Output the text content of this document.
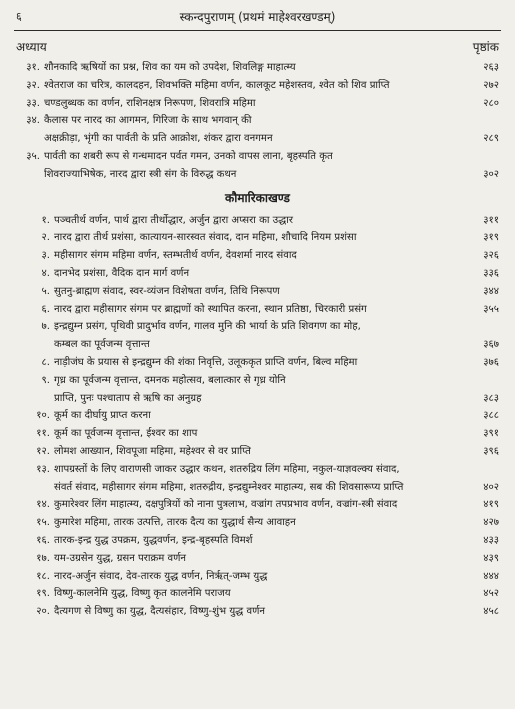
६	स्कन्दपुराणम् (प्रथमं माहेश्वरखण्डम्)
अध्याय	पृष्ठांक
३१. शौनकादि ऋषियों का प्रश्न, शिव का यम को उपदेश, शिवलिङ्ग माहात्म्य	२६३
३२. श्वेतराज का चरित्र, कालदहन, शिवभक्ति महिमा वर्णन, कालकूट महेशस्तव, श्वेत को शिव प्राप्ति	२७२
३३. चण्डलुब्धक का वर्णन, राशिनक्षत्र निरूपण, शिवरात्रि महिमा	२८०
३४. कैलास पर नारद का आगमन, गिरिजा के साथ भगवान् की
अक्षक्रीड़ा, भृंगी का पार्वती के प्रति आक्रोश, शंकर द्वारा वनगमन	२८९
३५. पार्वती का शबरी रूप से गन्धमादन पर्वत गमन, उनको वापस लाना, बृहस्पति कृत
शिवराज्याभिषेक, नारद द्वारा स्त्री संग के विरुद्ध कथन	३०२
कौमारिकाखण्ड
१. पञ्चतीर्थ वर्णन, पार्थ द्वारा तीर्थोद्धार, अर्जुन द्वारा अप्सरा का उद्धार	३११
२. नारद द्वारा तीर्थ प्रशंसा, कात्यायन-सारस्वत संवाद, दान महिमा, शौचादि नियम प्रशंसा	३१९
३. महीसागर संगम महिमा वर्णन, स्तम्भतीर्थ वर्णन, देवशर्मा नारद संवाद	३२६
४. दानभेद प्रशंसा, वैदिक दान मार्ग वर्णन	३३६
५. सुतनु-ब्राह्मण संवाद, स्वर-व्यंजन विशेषता वर्णन, तिथि निरूपण	३४४
६. नारद द्वारा महीसागर संगम पर ब्राह्मणों को स्थापित करना, स्थान प्रतिष्ठा, चिरकारी प्रसंग	३५५
७. इन्द्रद्युम्न प्रसंग, पृथिवी प्रादुर्भाव वर्णन, गालव मुनि की भार्या के प्रति शिवगण का मोह,
कम्बल का पूर्वजन्म वृत्तान्त	३६७
८. नाड़ीजंघ के प्रयास से इन्द्रद्युम्न की शंका निवृत्ति, उलूककृत प्राप्ति वर्णन, बिल्व महिमा	३७६
९. गृध्र का पूर्वजन्म वृत्तान्त, दमनक महोत्सव, बलात्कार से गृध्र योनि
प्राप्ति, पुनः पश्चाताप से ऋषि का अनुग्रह	३८३
१०. कूर्म का दीर्घायु प्राप्त करना	३८८
११. कूर्म का पूर्वजन्म वृत्तान्त, ईश्वर का शाप	३९१
१२. लोमश आख्यान, शिवपूजा महिमा, महेश्वर से वर प्राप्ति	३९६
१३. शापग्रस्तों के लिए वाराणसी जाकर उद्धार कथन, शतरुद्रिय लिंग महिमा, नकुल-याज्ञवल्क्य संवाद,
संवर्त संवाद, महीसागर संगम महिमा, शतरुद्रीय, इन्द्रद्युम्नेश्वर माहात्म्य, सब की शिवसारूप्य प्राप्ति	४०२
१४. कुमारेश्वर लिंग माहात्म्य, दक्षपुत्रियों को नाना पुत्रलाभ, वज्रांग तपप्रभाव वर्णन, वज्रांग-स्त्री संवाद	४१९
१५. कुमारेश महिमा, तारक उत्पत्ति, तारक दैत्य का युद्धार्थ सैन्य आवाहन	४२७
१६. तारक-इन्द्र युद्ध उपक्रम, युद्धवर्णन, इन्द्र-बृहस्पति विमर्श	४३३
१७. यम-उग्रसेन युद्ध, ग्रसन पराक्रम वर्णन	४३९
१८. नारद-अर्जुन संवाद, देव-तारक युद्ध वर्णन, निर्ऋत्-जम्भ युद्ध	४४४
१९. विष्णु-कालनेमि युद्ध, विष्णु कृत कालनेमि पराजय	४५२
२०. दैत्यगण से विष्णु का युद्ध, दैत्यसंहार, विष्णु-शुंभ युद्ध वर्णन	४५८
